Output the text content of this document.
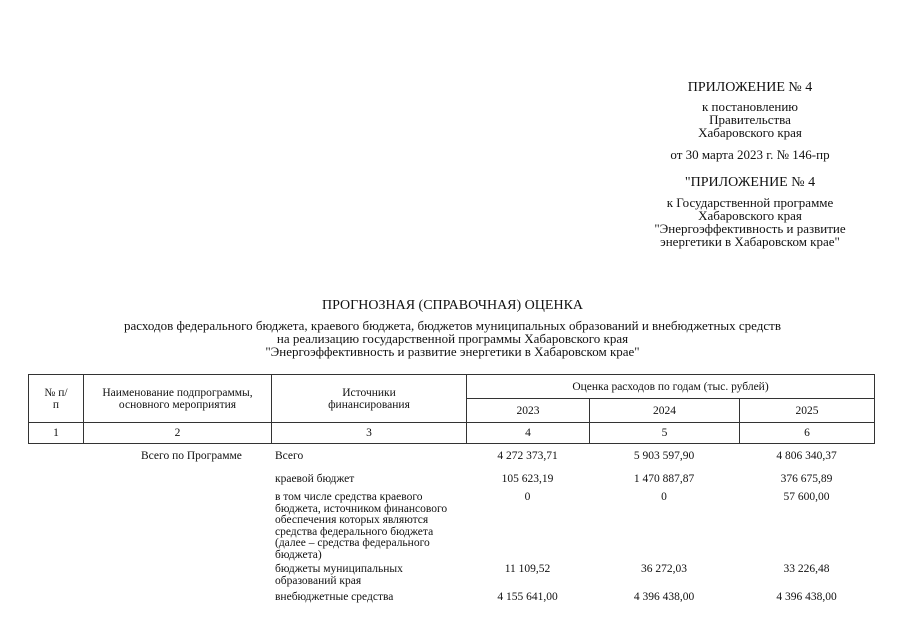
ПРИЛОЖЕНИЕ № 4
к постановлению
Правительства
Хабаровского края
от 30 марта 2023 г. № 146-пр
"ПРИЛОЖЕНИЕ № 4
к Государственной программе
Хабаровского края
"Энергоэффективность и развитие
энергетики в Хабаровском крае"
ПРОГНОЗНАЯ (СПРАВОЧНАЯ) ОЦЕНКА
расходов федерального бюджета, краевого бюджета, бюджетов муниципальных образований и внебюджетных средств
на реализацию государственной программы Хабаровского края
"Энергоэффективность и развитие энергетики в Хабаровском крае"
№ п/п	Наименование подпрограммы, основного мероприятия	Источники финансирования	Оценка расходов по годам (тыс. рублей)		
			2023	2024	2025
1	2	3	4	5	6
	Всего по Программе	Всего	4 272 373,71	5 903 597,90	4 806 340,37
		краевой бюджет	105 623,19	1 470 887,87	376 675,89
		в том числе средства краевого бюджета, источником финансового обеспечения которых являются средства федерального бюджета (далее – средства федерального бюджета)	0	0	57 600,00
		бюджеты муниципальных образований края	11 109,52	36 272,03	33 226,48
		внебюджетные средства	4 155 641,00	4 396 438,00	4 396 438,00
